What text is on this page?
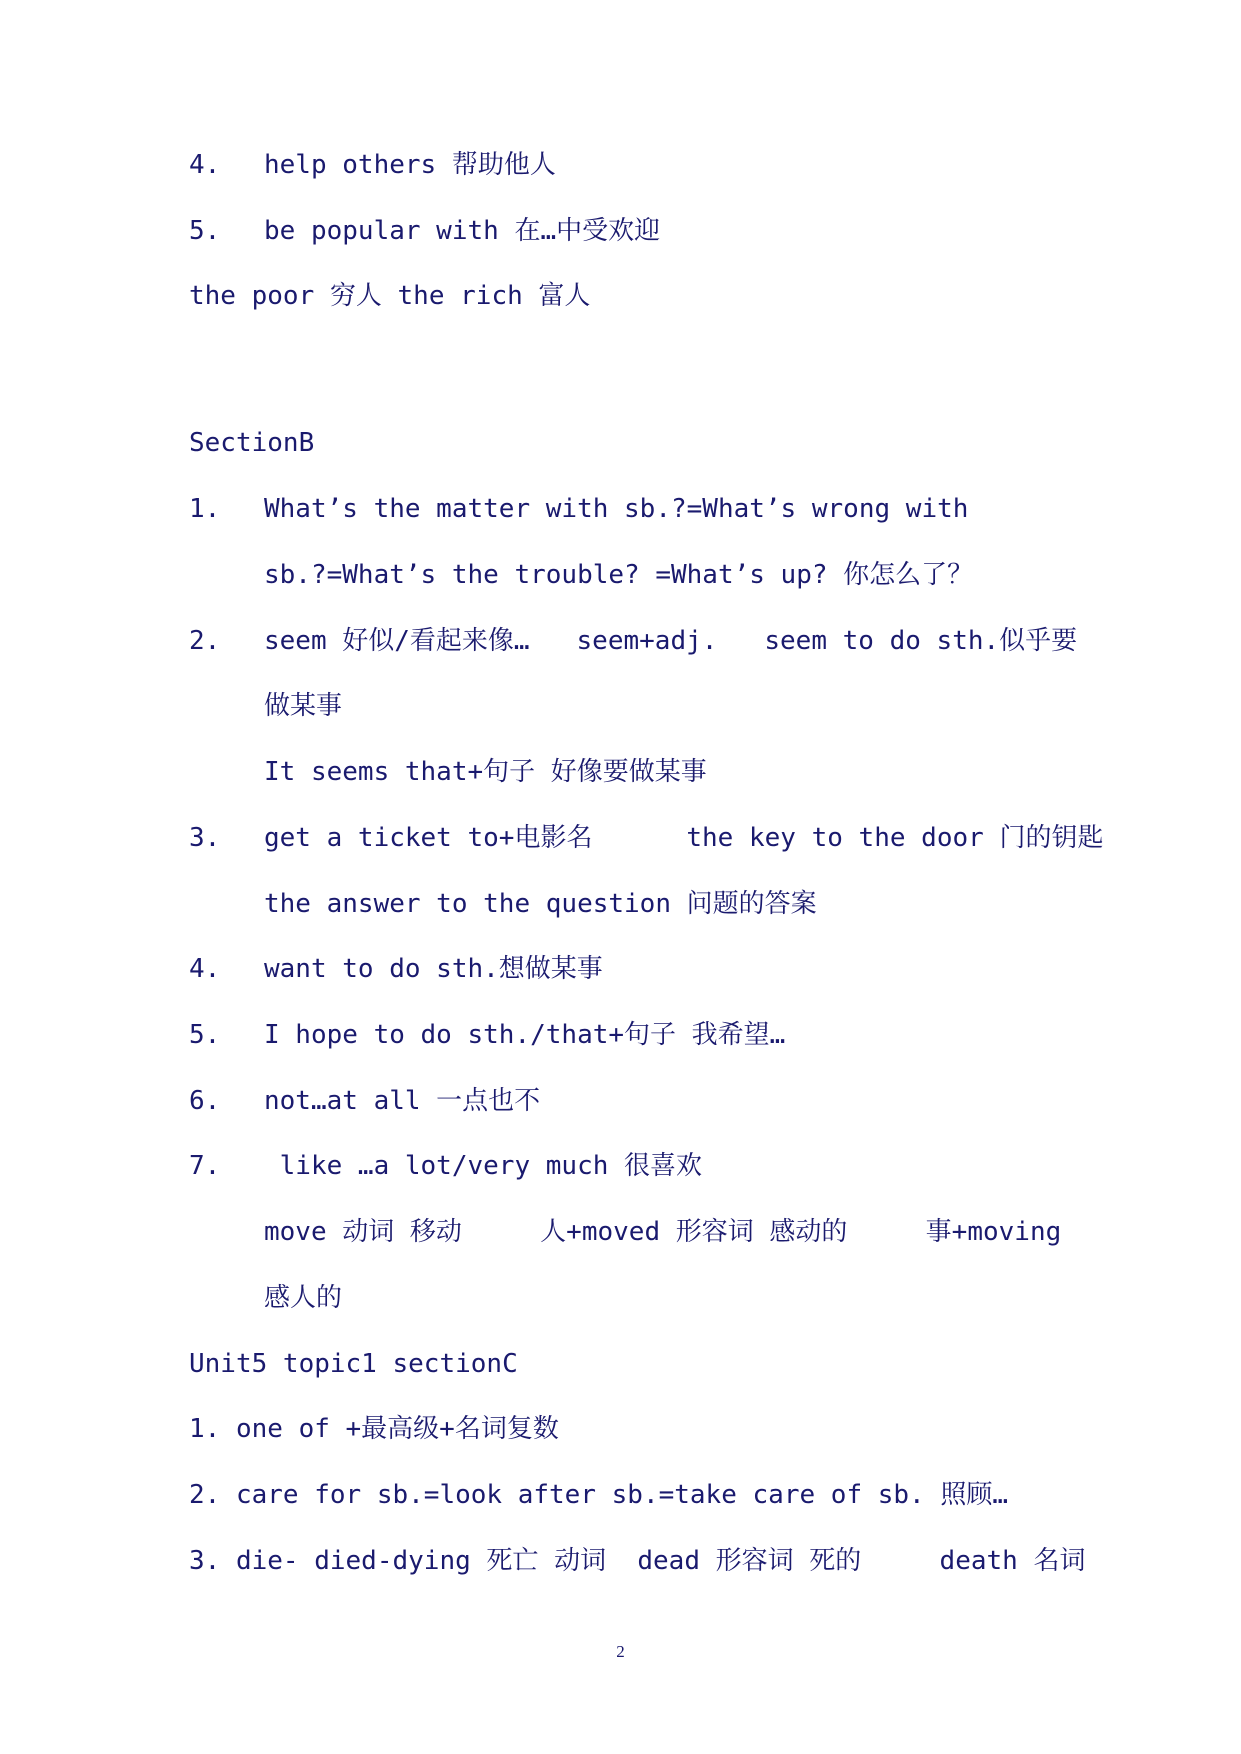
4.

help others 帮助他人

5.

be popular with 在…中受欢迎

the poor 穷人 the rich 富人

SectionB

1.

What’s the matter with sb.?=What’s wrong with

sb.?=What’s the trouble? =What’s up? 你怎么了？

2.

seem 好似/看起来像…   seem+adj.   seem to do sth.似乎要

做某事

It seems that+句子 好像要做某事

3.

get a ticket to+电影名      the key to the door 门的钥匙

the answer to the question 问题的答案

4.

want to do sth.想做某事

5.

I hope to do sth./that+句子 我希望…

6.

not…at all 一点也不

7.

like …a lot/very much 很喜欢

move 动词 移动     人+moved 形容词 感动的     事+moving

感人的

Unit5 topic1 sectionC

1. one of +最高级+名词复数

2. care for sb.=look after sb.=take care of sb. 照顾…

3. die- died-dying 死亡 动词  dead 形容词 死的     death 名词

2
